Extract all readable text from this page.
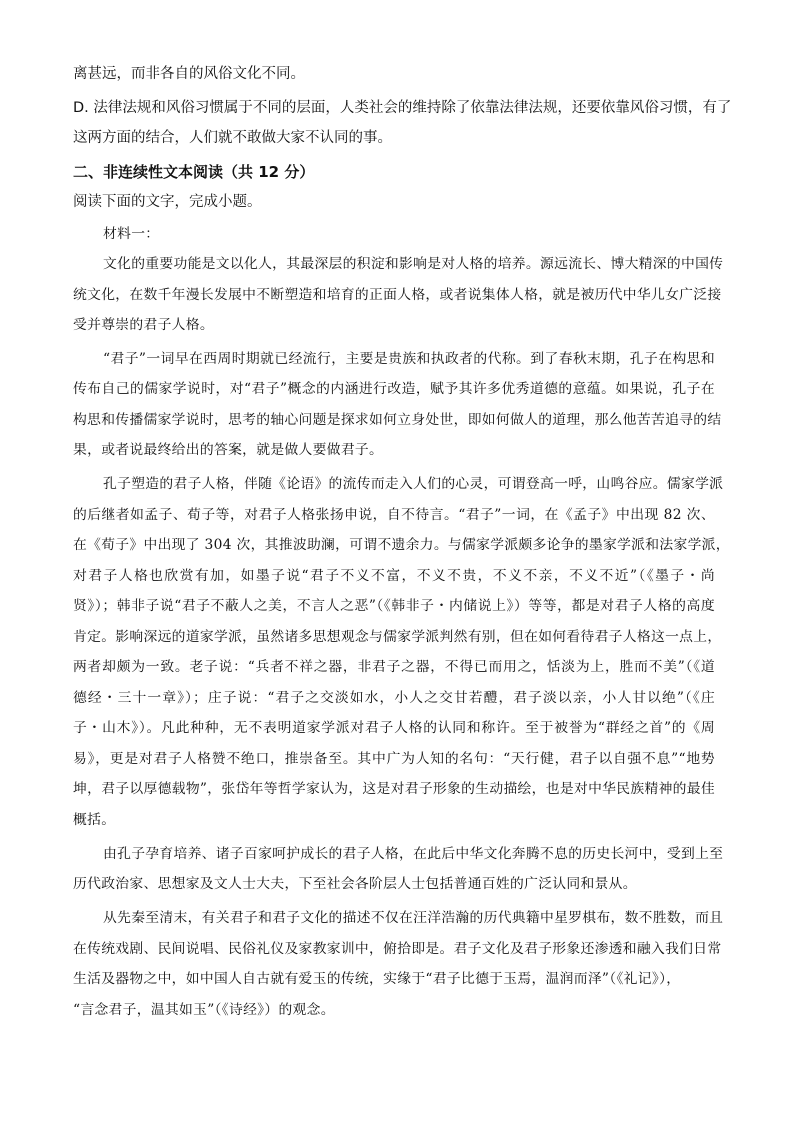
离甚远，而非各自的风俗文化不同。
D. 法律法规和风俗习惯属于不同的层面，人类社会的维持除了依靠法律法规，还要依靠风俗习惯，有了
这两方面的结合，人们就不敢做大家不认同的事。
二、非连续性文本阅读（共 12 分）
阅读下面的文字，完成小题。
材料一：
文化的重要功能是文以化人，其最深层的积淀和影响是对人格的培养。源远流长、博大精深的中国传
统文化，在数千年漫长发展中不断塑造和培育的正面人格，或者说集体人格，就是被历代中华儿女广泛接
受并尊崇的君子人格。
“君子”一词早在西周时期就已经流行，主要是贵族和执政者的代称。到了春秋末期，孔子在构思和
传布自己的儒家学说时，对“君子”概念的内涵进行改造，赋予其许多优秀道德的意蕴。如果说，孔子在
构思和传播儒家学说时，思考的轴心问题是探求如何立身处世，即如何做人的道理，那么他苦苦追寻的结
果，或者说最终给出的答案，就是做人要做君子。
孔子塑造的君子人格，伴随《论语》的流传而走入人们的心灵，可谓登高一呼，山鸣谷应。儒家学派
的后继者如孟子、荀子等，对君子人格张扬申说，自不待言。“君子”一词，在《孟子》中出现 82 次、
在《荀子》中出现了 304 次，其推波助澜，可谓不遗余力。与儒家学派颇多论争的墨家学派和法家学派，
对君子人格也欣赏有加，如墨子说“君子不义不富，不义不贵，不义不亲，不义不近”（《墨子・尚
贤》）；韩非子说“君子不蔽人之美，不言人之恶”（《韩非子・内储说上》）等等，都是对君子人格的高度
肯定。影响深远的道家学派，虽然诸多思想观念与儒家学派判然有别，但在如何看待君子人格这一点上，
两者却颇为一致。老子说：“兵者不祥之器，非君子之器，不得已而用之，恬淡为上，胜而不美”（《道
德经・三十一章》）；庄子说：“君子之交淡如水，小人之交甘若醴，君子淡以亲，小人甘以绝”（《庄
子・山木》）。凡此种种，无不表明道家学派对君子人格的认同和称许。至于被誉为“群经之首”的《周
易》，更是对君子人格赞不绝口，推崇备至。其中广为人知的名句：“天行健，君子以自强不息”“地势
坤，君子以厚德载物”，张岱年等哲学家认为，这是对君子形象的生动描绘，也是对中华民族精神的最佳
概括。
由孔子孕育培养、诸子百家呵护成长的君子人格，在此后中华文化奔腾不息的历史长河中，受到上至
历代政治家、思想家及文人士大夫，下至社会各阶层人士包括普通百姓的广泛认同和景从。
从先秦至清末，有关君子和君子文化的描述不仅在汪洋浩瀚的历代典籍中星罗棋布，数不胜数，而且
在传统戏剧、民间说唱、民俗礼仪及家教家训中，俯拾即是。君子文化及君子形象还渗透和融入我们日常
生活及器物之中，如中国人自古就有爱玉的传统，实缘于“君子比德于玉焉，温润而泽”（《礼记》），
“言念君子，温其如玉”（《诗经》）的观念。
